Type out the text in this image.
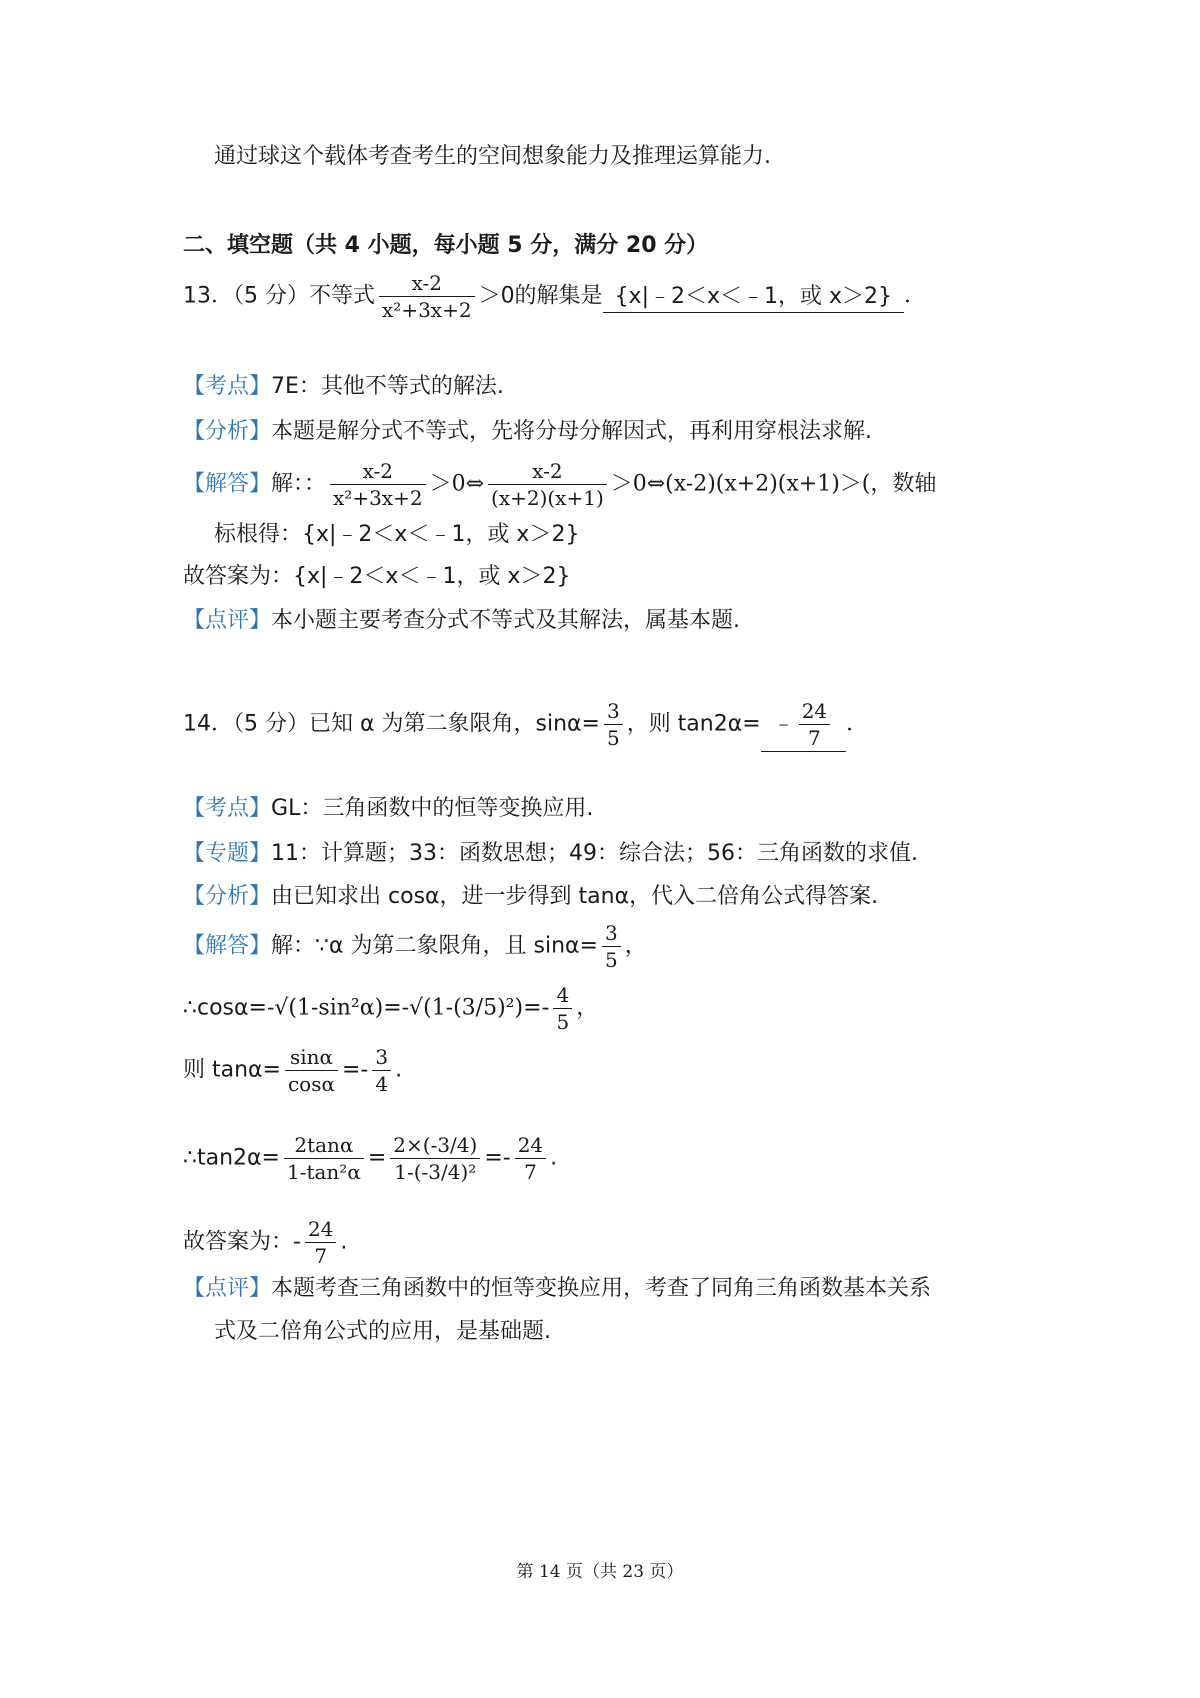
通过球这个载体考查考生的空间想象能力及推理运算能力.
二、填空题（共 4 小题，每小题 5 分，满分 20 分）
13．（5 分）不等式 $\frac{x-2}{\text{x²+3x+2}} >0$的解集是 {x|﹣2＜x＜﹣1，或 x＞2} ．
【考点】7E：其他不等式的解法.
【分析】本题是解分式不等式，先将分母分解因式，再利用穿根法求解.
【解答】解：： $\frac{x-2}{\text{x²+3x+2}}$ ＞0⇔ $\frac{x-2}{(x+2)(x+1)}$ ＞0⇔(x-2)(x+2)(x+1)＞(，数轴
标根得：{x|﹣2＜x＜﹣1，或 x＞2}
故答案为：{x|﹣2＜x＜﹣1，或 x＞2}
【点评】本小题主要考查分式不等式及其解法，属基本题.
14．（5 分）已知 α 为第二象限角，$\sin\alpha= \frac{3}{5}$ ，则 tan2α= ﹣ $\frac{24}{7}$ ．
【考点】GL：三角函数中的恒等变换应用.
【专题】11：计算题；33：函数思想；49：综合法；56：三角函数的求值.
【分析】由已知求出 cosα，进一步得到 tanα，代入二倍角公式得答案.
【解答】解：∵α 为第二象限角，且 $\sin\alpha= \frac{3}{5}$ ，
∴cosα=-√(1-sin²α)=-√(1-(3/5)²)=- $\frac{4}{5}$ ，
则 $\tan\alpha= \frac{\sin\alpha}{\cos\alpha} =- \frac{3}{4}$ .
∴tan2α= $\frac{2\tan\alpha}{\text{1-tan²α}} = \frac{2\times(-3/4)}{\text{1-(-3/4)²}} =- \frac{24}{7}$ .
故答案为：- $\frac{24}{7}$ .
【点评】本题考查三角函数中的恒等变换应用，考查了同角三角函数基本关系
式及二倍角公式的应用，是基础题.
第 14 页（共 23 页）
